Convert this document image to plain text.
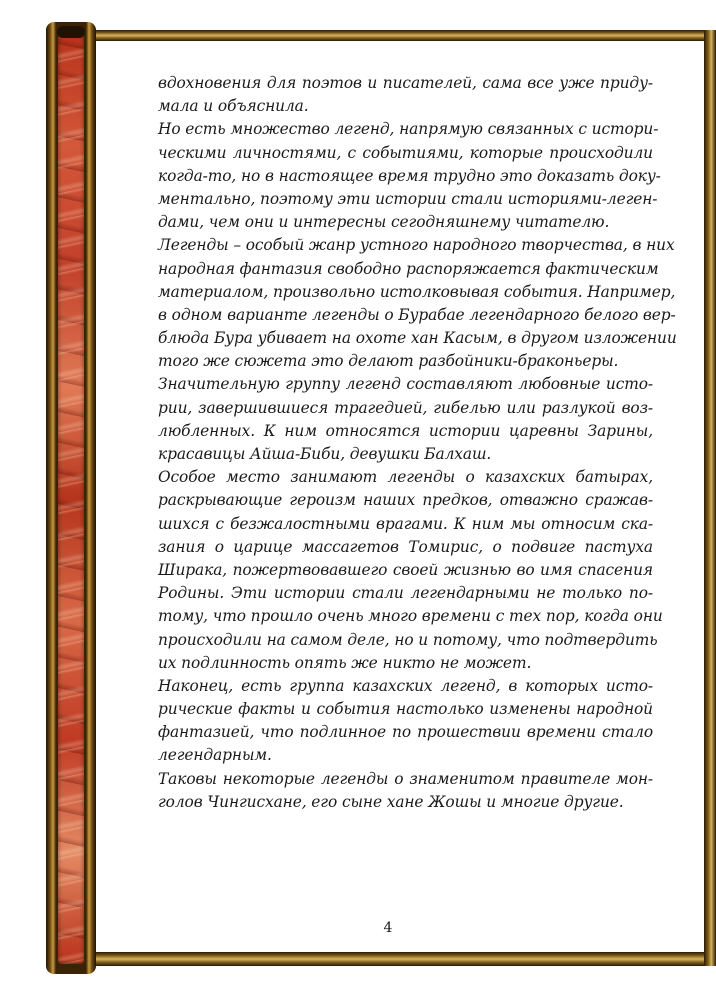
вдохновения для поэтов и писателей, сама все уже приду-
мала и объяснила.
Но есть множество легенд, напрямую связанных с истори-
ческими личностями, с событиями, которые происходили
когда-то, но в настоящее время трудно это доказать доку-
ментально, поэтому эти истории стали историями-леген-
дами, чем они и интересны сегодняшнему читателю.
Легенды – особый жанр устного народного творчества, в них
народная фантазия свободно распоряжается фактическим
материалом, произвольно истолковывая события. Например,
в одном варианте легенды о Бурабае легендарного белого вер-
блюда Бура убивает на охоте хан Касым, в другом изложении
того же сюжета это делают разбойники-браконьеры.
Значительную группу легенд составляют любовные исто-
рии, завершившиеся трагедией, гибелью или разлукой воз-
любленных. К ним относятся истории царевны Зарины,
красавицы Айша-Биби, девушки Балхаш.
Особое место занимают легенды о казахских батырах,
раскрывающие героизм наших предков, отважно сражав-
шихся с безжалостными врагами. К ним мы относим ска-
зания о царице массагетов Томирис, о подвиге пастуха
Ширака, пожертвовавшего своей жизнью во имя спасения
Родины. Эти истории стали легендарными не только по-
тому, что прошло очень много времени с тех пор, когда они
происходили на самом деле, но и потому, что подтвердить
их подлинность опять же никто не может.
Наконец, есть группа казахских легенд, в которых исто-
рические факты и события настолько изменены народной
фантазией, что подлинное по прошествии времени стало
легендарным.
Таковы некоторые легенды о знаменитом правителе мон-
голов Чингисхане, его сыне хане Жошы и многие другие.
4
